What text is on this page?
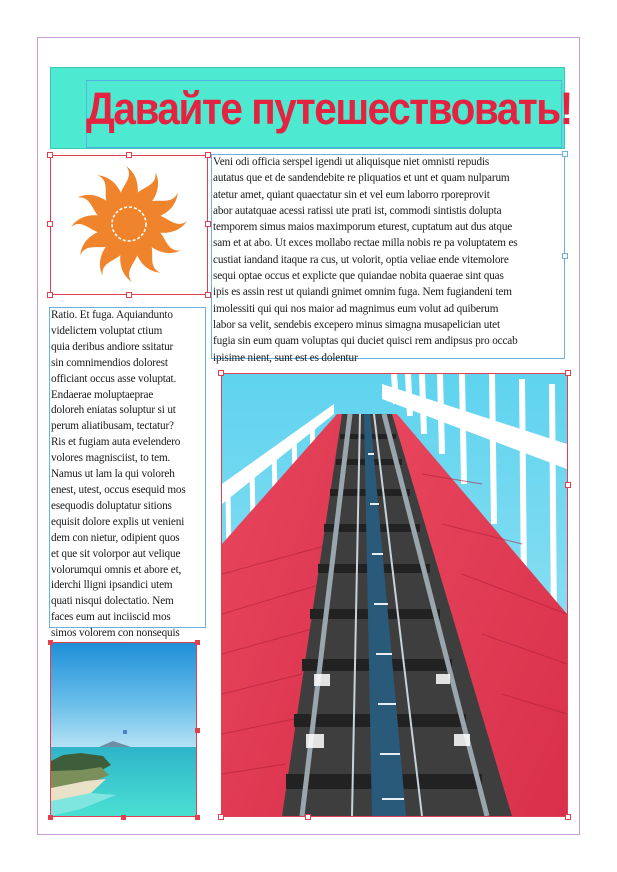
Давайте путешествовать!

Veni odi officia serspel igendi ut aliquisque niet omnisti repudis

autatus que et de sandendebite re pliquatios et unt et quam nulparum

atetur amet, quiant quaectatur sin et vel eum laborro rporeprovit

abor autatquae acessi ratissi ute prati ist, commodi sintistis dolupta

temporem simus maios maximporum eturest, cuptatum aut dus atque

sam et at abo. Ut exces mollabo rectae milla nobis re pa voluptatem es

custiat iandand itaque ra cus, ut volorit, optia veliae ende vitemolore

sequi optae occus et explicte que quiandae nobita quaerae sint quas

ipis es assin rest ut quiandi gnimet omnim fuga. Nem fugiandeni tem

imolessiti qui qui nos maior ad magnimus eum volut ad quiberum

labor sa velit, sendebis excepero minus simagna musapelician utet

fugia sin eum quam voluptas qui duciet quisci rem andipsus pro occab

ipisime nient, sunt est es dolentur

Ratio. Et fuga. Aquiandunto

videlictem voluptat ctium

quia deribus andiore ssitatur

sin comnimendios dolorest

officiant occus asse voluptat.

Endaerae moluptaeprae

doloreh eniatas soluptur si ut

perum aliatibusam, tectatur?

Ris et fugiam auta evelendero

volores magnisciist, to tem.

Namus ut lam la qui voloreh

enest, utest, occus esequid mos

esequodis doluptatur sitions

equisit dolore explis ut venieni

dem con nietur, odipient quos

et que sit volorpor aut velique

volorumqui omnis et abore et,

iderchi lligni ipsandici utem

quati nisqui dolectatio. Nem

faces eum aut inciiscid mos

simos volorem con nonsequis
